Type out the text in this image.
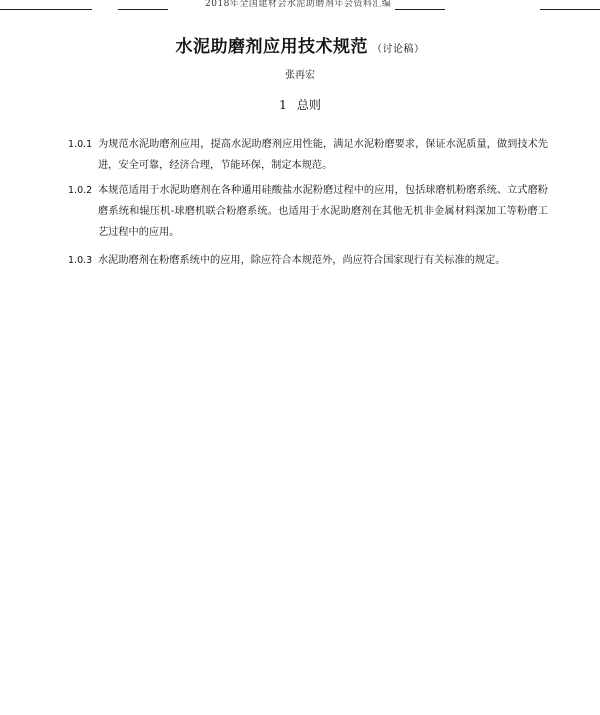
2018年全国建材会水泥助磨剂年会资料汇编
水泥助磨剂应用技术规范 （讨论稿）
张再宏
1 总则
1.0.1 为规范水泥助磨剂应用，提高水泥助磨剂应用性能，满足水泥粉磨要求，保证水泥质量，做到技术先进，安全可靠，经济合理，节能环保，制定本规范。
1.0.2 本规范适用于水泥助磨剂在各种通用硅酸盐水泥粉磨过程中的应用，包括球磨机粉磨系统、立式磨粉磨系统和辊压机-球磨机联合粉磨系统。也适用于水泥助磨剂在其他无机非金属材料深加工等粉磨工艺过程中的应用。
1.0.3 水泥助磨剂在粉磨系统中的应用，除应符合本规范外，尚应符合国家现行有关标准的规定。
